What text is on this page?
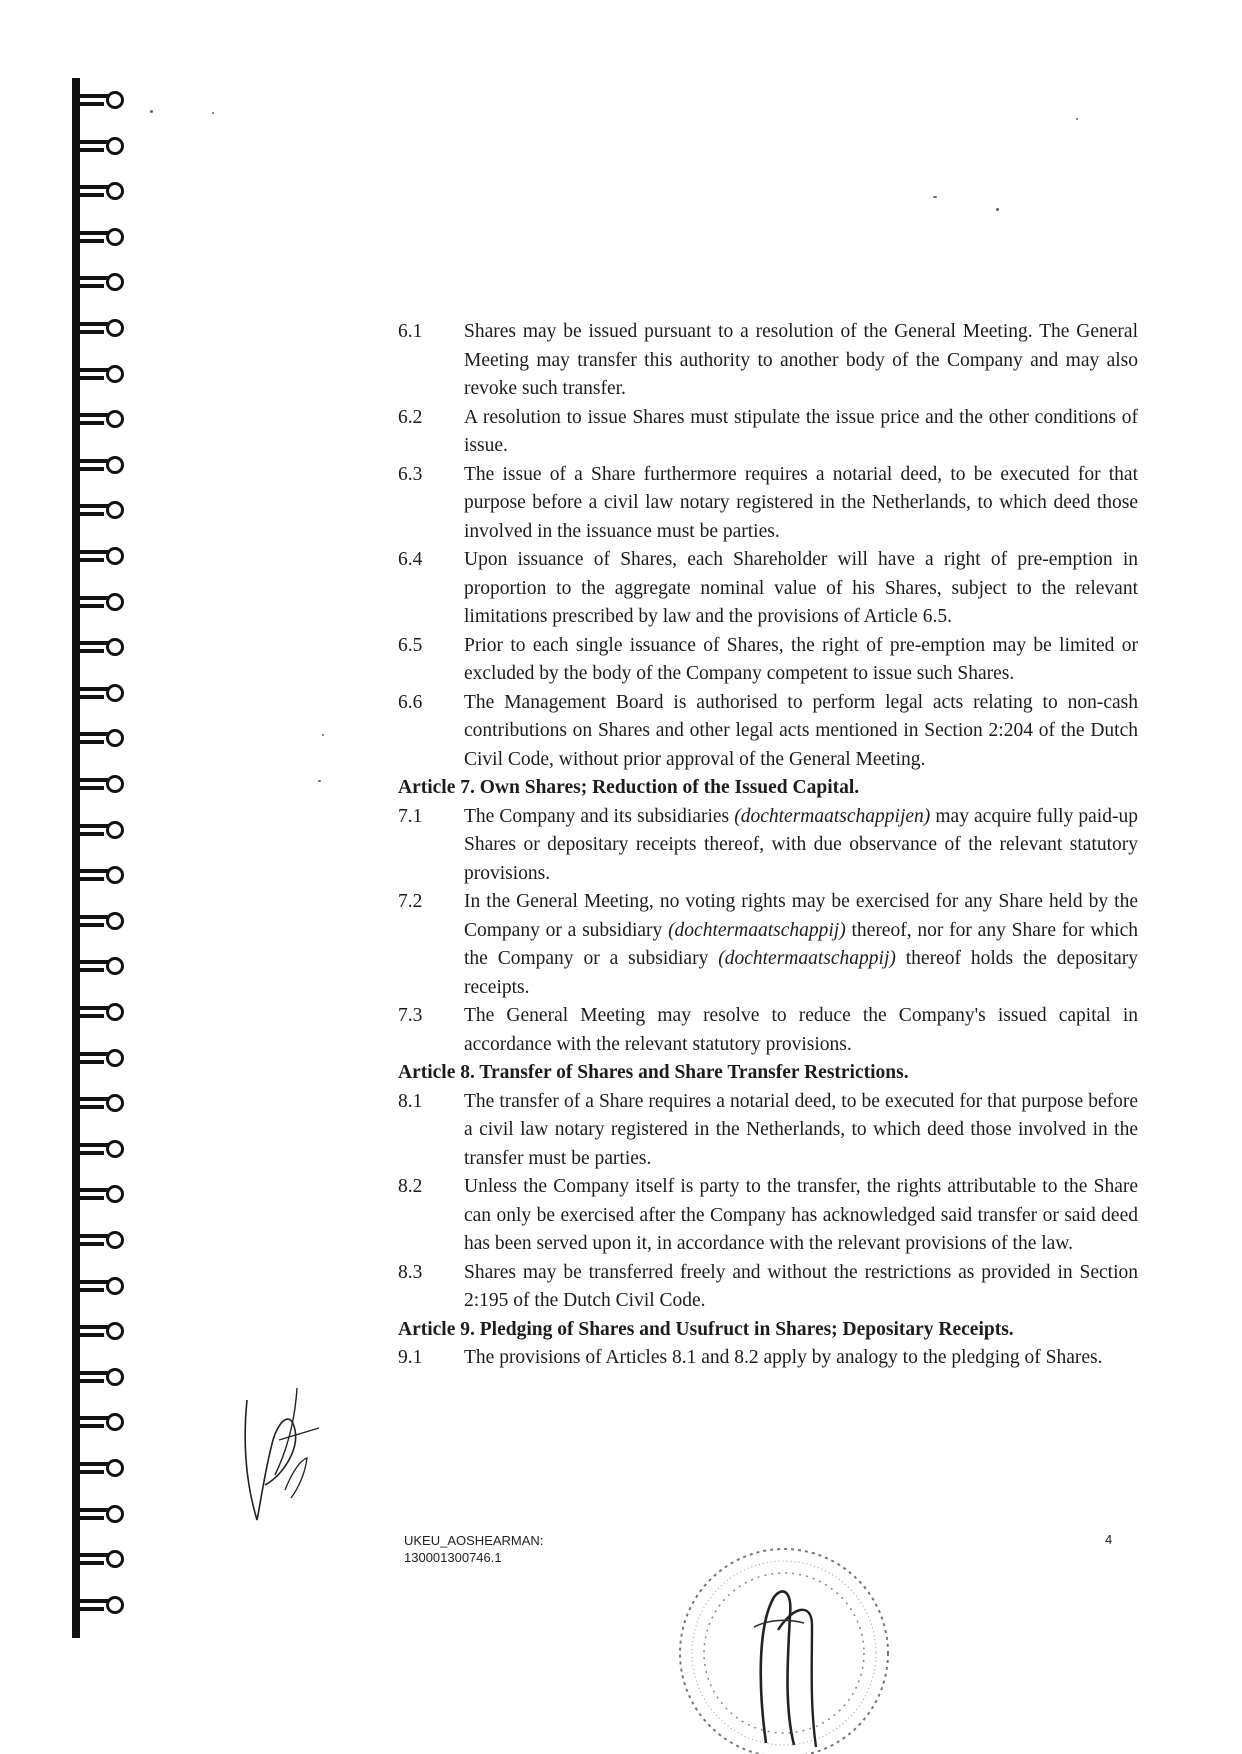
6.1	Shares may be issued pursuant to a resolution of the General Meeting. The General Meeting may transfer this authority to another body of the Company and may also revoke such transfer.
6.2	A resolution to issue Shares must stipulate the issue price and the other conditions of issue.
6.3	The issue of a Share furthermore requires a notarial deed, to be executed for that purpose before a civil law notary registered in the Netherlands, to which deed those involved in the issuance must be parties.
6.4	Upon issuance of Shares, each Shareholder will have a right of pre-emption in proportion to the aggregate nominal value of his Shares, subject to the relevant limitations prescribed by law and the provisions of Article 6.5.
6.5	Prior to each single issuance of Shares, the right of pre-emption may be limited or excluded by the body of the Company competent to issue such Shares.
6.6	The Management Board is authorised to perform legal acts relating to non-cash contributions on Shares and other legal acts mentioned in Section 2:204 of the Dutch Civil Code, without prior approval of the General Meeting.
Article 7. Own Shares; Reduction of the Issued Capital.
7.1	The Company and its subsidiaries (dochtermaatschappijen) may acquire fully paid-up Shares or depositary receipts thereof, with due observance of the relevant statutory provisions.
7.2	In the General Meeting, no voting rights may be exercised for any Share held by the Company or a subsidiary (dochtermaatschappij) thereof, nor for any Share for which the Company or a subsidiary (dochtermaatschappij) thereof holds the depositary receipts.
7.3	The General Meeting may resolve to reduce the Company's issued capital in accordance with the relevant statutory provisions.
Article 8. Transfer of Shares and Share Transfer Restrictions.
8.1	The transfer of a Share requires a notarial deed, to be executed for that purpose before a civil law notary registered in the Netherlands, to which deed those involved in the transfer must be parties.
8.2	Unless the Company itself is party to the transfer, the rights attributable to the Share can only be exercised after the Company has acknowledged said transfer or said deed has been served upon it, in accordance with the relevant provisions of the law.
8.3	Shares may be transferred freely and without the restrictions as provided in Section 2:195 of the Dutch Civil Code.
Article 9. Pledging of Shares and Usufruct in Shares; Depositary Receipts.
9.1	The provisions of Articles 8.1 and 8.2 apply by analogy to the pledging of Shares.
UKEU_AOSHEARMAN:
130001300746.1
4
